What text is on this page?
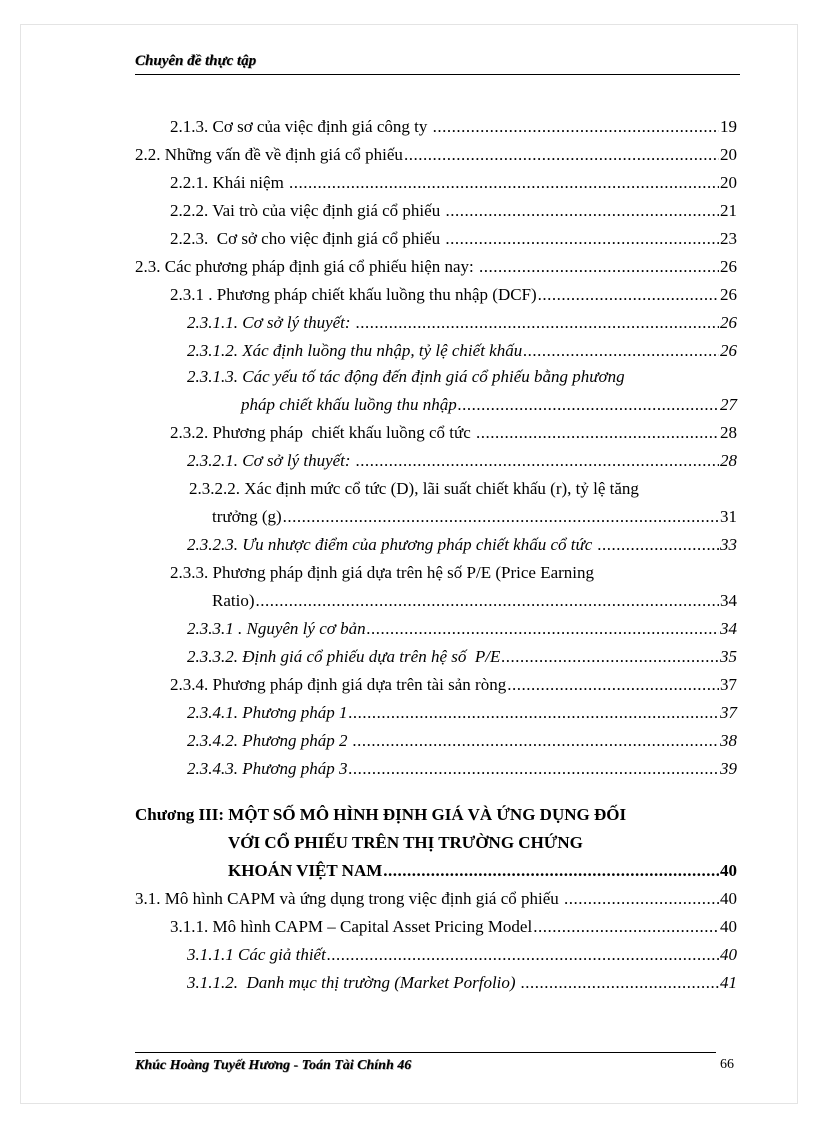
Chuyên đề thực tập
2.1.3. Cơ sơ của việc định giá công ty .....	19
2.2. Những vấn đề về định giá cổ phiếu .....	20
2.2.1. Khái niệm .....	20
2.2.2. Vai trò của việc định giá cổ phiếu .....	21
2.2.3.  Cơ sở cho việc định giá cổ phiếu .....	23
2.3. Các phương pháp định giá cổ phiếu hiện nay: .....	26
2.3.1 . Phương pháp chiết khấu luồng thu nhập (DCF) .....	26
2.3.1.1. Cơ sở lý thuyết: .....	26
2.3.1.2. Xác định luồng thu nhập, tỷ lệ chiết khấu .....	26
2.3.1.3. Các yếu tố tác động đến định giá cổ phiếu bằng phương
pháp chiết khấu luồng thu nhập .....	27
2.3.2. Phương pháp  chiết khấu luồng cổ tức .....	28
2.3.2.1. Cơ sở lý thuyết: .....	28
2.3.2.2. Xác định mức cổ tức (D), lãi suất chiết khấu (r), tỷ lệ tăng
trưởng (g) .....	31
2.3.2.3. Ưu nhược điểm của phương pháp chiết khấu cổ tức .....	33
2.3.3. Phương pháp định giá dựa trên hệ số P/E (Price Earning
Ratio) .....	34
2.3.3.1 . Nguyên lý cơ bản .....	34
2.3.3.2. Định giá cổ phiếu dựa trên hệ số  P/E .....	35
2.3.4. Phương pháp định giá dựa trên tài sản ròng .....	37
2.3.4.1. Phương pháp 1 .....	37
2.3.4.2. Phương pháp 2 .....	38
2.3.4.3. Phương pháp 3 .....	39
Chương III: MỘT SỐ MÔ HÌNH ĐỊNH GIÁ VÀ ỨNG DỤNG ĐỐI
VỚI CỔ PHIẾU TRÊN THỊ TRƯỜNG CHỨNG
KHOÁN VIỆT NAM .....	40
3.1. Mô hình CAPM và ứng dụng trong việc định giá cổ phiếu .....	40
3.1.1. Mô hình CAPM – Capital Asset Pricing Model .....	40
3.1.1.1 Các giả thiết .....	40
3.1.1.2.  Danh mục thị trường (Market Porfolio) .....	41
Khúc Hoàng Tuyết Hương - Toán Tài Chính 46	66
